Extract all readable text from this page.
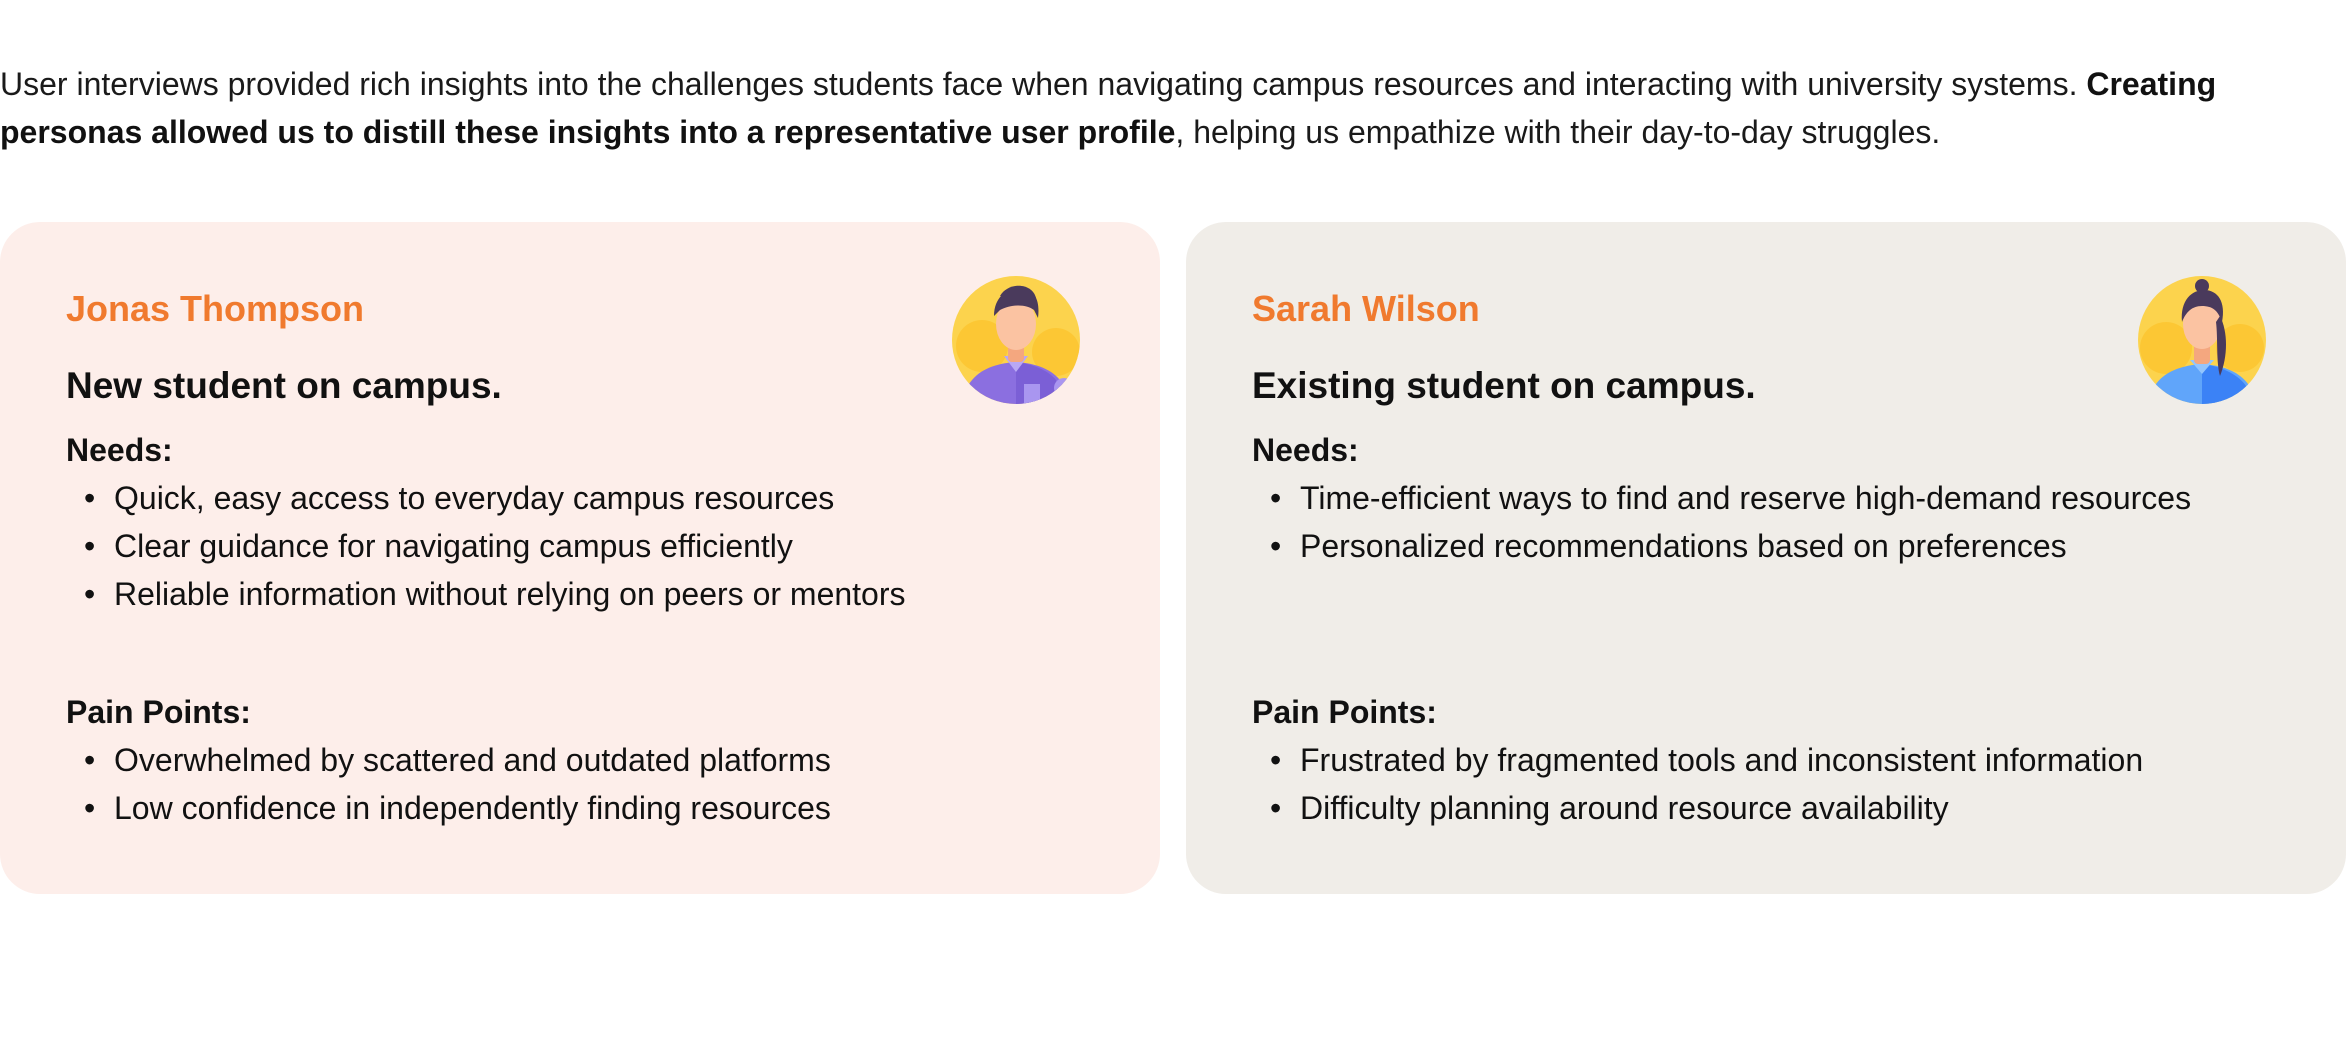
User interviews provided rich insights into the challenges students face when navigating campus resources and interacting with university systems. Creating personas allowed us to distill these insights into a representative user profile, helping us empathize with their day-to-day struggles.

Jonas Thompson
New student on campus.
Needs:
• Quick, easy access to everyday campus resources
• Clear guidance for navigating campus efficiently
• Reliable information without relying on peers or mentors
Pain Points:
• Overwhelmed by scattered and outdated platforms
• Low confidence in independently finding resources
Sarah Wilson
Existing student on campus.
Needs:
• Time-efficient ways to find and reserve high-demand resources
• Personalized recommendations based on preferences
Pain Points:
• Frustrated by fragmented tools and inconsistent information
• Difficulty planning around resource availability
